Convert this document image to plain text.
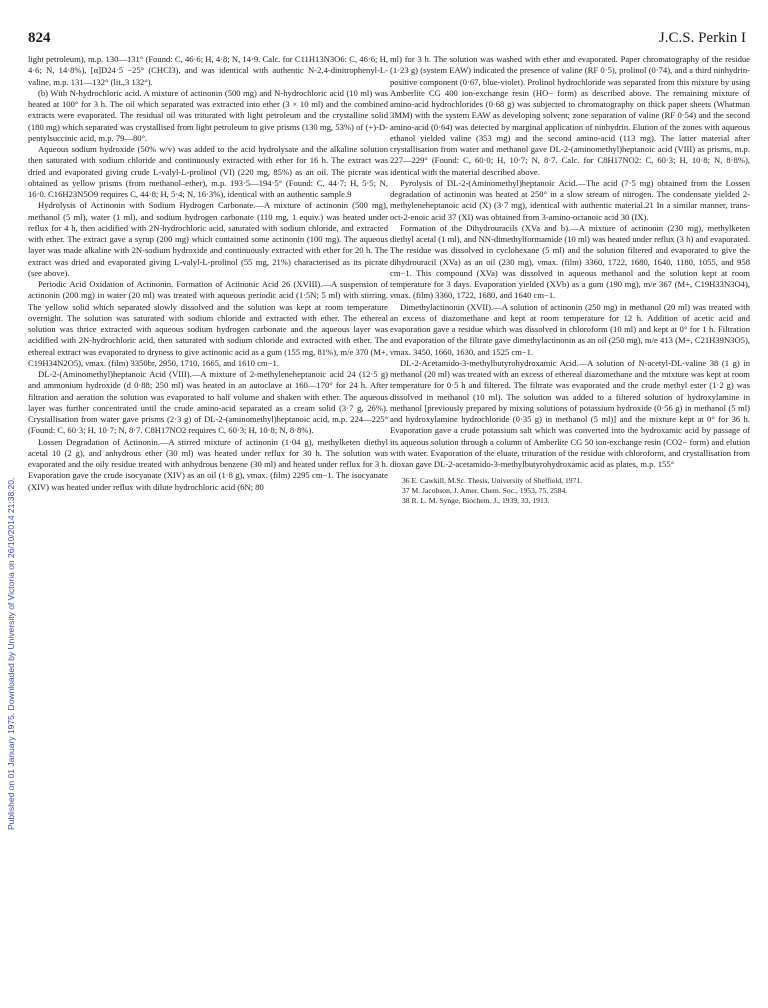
824	J.C.S. Perkin I
Published on 01 January 1975. Downloaded by University of Victoria on 26/10/2014 21:38:20.

light petroleum), m.p. 130—131° (Found: C, 46·6; H, 4·8; N, 14·9. Calc. for C11H13N3O6: C, 46·6; H, 4·6; N, 14·8%), [α]D24·5 −25° (CHCl3), and was identical with authentic N-2,4-dinitrophenyl-L-valine, m.p. 131—132° (lit.,3 132°).

(b) With N-hydrochloric acid. A mixture of actinonin (500 mg) and N-hydrochloric acid (10 ml) was heated at 100° for 3 h. The oil which separated was extracted into ether (3 × 10 ml) and the combined extracts were evaporated. The residual oil was triturated with light petroleum and the crystalline solid (180 mg) which separated was crystallised from light petroleum to give prisms (130 mg, 53%) of (+)-D-pentylsuccinic acid, m.p. 79—80°.

Aqueous sodium hydroxide (50% w/v) was added to the acid hydrolysate and the alkaline solution then saturated with sodium chloride and continuously extracted with ether for 16 h. The extract was dried and evaporated giving crude L-valyl-L-prolinol (VI) (220 mg, 85%) as an oil. The picrate was obtained as yellow prisms (from methanol–ether), m.p. 193·5—194·5° (Found: C, 44·7; H, 5·5; N, 16·0. C16H23N5O9 requires C, 44·8; H, 5·4; N, 16·3%), identical with an authentic sample.9

Hydrolysis of Actinonin with Sodium Hydrogen Carbonate.—A mixture of actinonin (500 mg), methanol (5 ml), water (1 ml), and sodium hydrogen carbonate (110 mg, 1 equiv.) was heated under reflux for 4 h, then acidified with 2N-hydrochloric acid, saturated with sodium chloride, and extracted with ether. The extract gave a syrup (200 mg) which contained some actinonin (100 mg). The aqueous layer was made alkaline with 2N-sodium hydroxide and continuously extracted with ether for 20 h. The extract was dried and evaporated giving L-valyl-L-prolinol (55 mg, 21%) characterised as its picrate (see above).

Periodic Acid Oxidation of Actinonin. Formation of Actinonic Acid 26 (XVIII).—A suspension of actinonin (200 mg) in water (20 ml) was treated with aqueous periodic acid (1·5N; 5 ml) with stirring. The yellow solid which separated slowly dissolved and the solution was kept at room temperature overnight. The solution was saturated with sodium chloride and extracted with ether. The ethereal solution was thrice extracted with aqueous sodium hydrogen carbonate and the aqueous layer was acidified with 2N-hydrochloric acid, then saturated with sodium chloride and extracted with ether. The ethereal extract was evaporated to dryness to give actinonic acid as a gum (155 mg, 81%), m/e 370 (M+, C19H34N2O5), νmax. (film) 3350br, 2950, 1710, 1665, and 1610 cm−1.

DL-2-(Aminomethyl)heptanoic Acid (VIII).—A mixture of 2-methyleneheptanoic acid 24 (12·5 g) and ammonium hydroxide (d 0·88; 250 ml) was heated in an autoclave at 160—170° for 24 h. After filtration and aeration the solution was evaporated to half volume and shaken with ether. The aqueous layer was further concentrated until the crude amino-acid separated as a cream solid (3·7 g, 26%). Crystallisation from water gave prisms (2·3 g) of DL-2-(aminomethyl)heptanoic acid, m.p. 224—225° (Found: C, 60·3; H, 10·7; N, 8·7. C8H17NO2 requires C, 60·3; H, 10·8; N, 8·8%).

Lossen Degradation of Actinonin.—A stirred mixture of actinonin (1·04 g), methylketen diethyl acetal 10 (2 g), and anhydrous ether (30 ml) was heated under reflux for 30 h. The solution was evaporated and the oily residue treated with anhydrous benzene (30 ml) and heated under reflux for 3 h. Evaporation gave the crude isocyanate (XIV) as an oil (1·8 g), νmax. (film) 2295 cm−1. The isocyanate (XIV) was heated under reflux with dilute hydrochloric acid (6N; 80

ml) for 3 h. The solution was washed with ether and evaporated. Paper chromatography of the residue (1·23 g) (system EAW) indicated the presence of valine (RF 0·5), prolinol (0·74), and a third ninhydrin-positive component (0·67, blue-violet). Prolinol hydrochloride was separated from this mixture by using Amberlite CG 400 ion-exchange resin (HO− form) as described above. The remaining mixture of amino-acid hydrochlorides (0·68 g) was subjected to chromatography on thick paper sheets (Whatman 3MM) with the system EAW as developing solvent; zone separation of valine (RF 0·54) and the second amino-acid (0·64) was detected by marginal application of ninhydrin. Elution of the zones with aqueous ethanol yielded valine (353 mg) and the second amino-acid (113 mg). The latter material after crystallisation from water and methanol gave DL-2-(aminomethyl)heptanoic acid (VIII) as prisms, m.p. 227—229° (Found: C, 60·0; H, 10·7; N, 8·7. Calc. for C8H17NO2: C, 60·3; H, 10·8; N, 8·8%), identical with the material described above.

Pyrolysis of DL-2-(Aminomethyl)heptanoic Acid.—The acid (7·5 mg) obtained from the Lossen degradation of actinonin was heated at 250° in a slow stream of nitrogen. The condensate yielded 2-methyleneheptanoic acid (X) (3·7 mg), identical with authentic material.21 In a similar manner, trans-oct-2-enoic acid 37 (XI) was obtained from 3-amino-octanoic acid 30 (IX).

Formation of the Dihydrouracils (XVa and b).—A mixture of actinonin (230 mg), methylketen diethyl acetal (1 ml), and NN-dimethylformamide (10 ml) was heated under reflux (3 h) and evaporated. The residue was dissolved in cyclohexane (5 ml) and the solution filtered and evaporated to give the dihydrouracil (XVa) as an oil (230 mg), νmax. (film) 3360, 1722, 1680, 1640, 1180, 1055, and 958 cm−1. This compound (XVa) was dissolved in aqueous methanol and the solution kept at room temperature for 3 days. Evaporation yielded (XVb) as a gum (190 mg), m/e 367 (M+, C19H33N3O4), νmax. (film) 3360, 1722, 1680, and 1640 cm−1.

Dimethylactinonin (XVII).—A solution of actinonin (250 mg) in methanol (20 ml) was treated with an excess of diazomethane and kept at room temperature for 12 h. Addition of acetic acid and evaporation gave a residue which was dissolved in chloroform (10 ml) and kept at 0° for 1 h. Filtration and evaporation of the filtrate gave dimethylactinonin as an oil (250 mg), m/e 413 (M+, C21H39N3O5), νmax. 3450, 1660, 1630, and 1525 cm−1.

DL-2-Acetamido-3-methylbutyrohydroxamic Acid.—A solution of N-acetyl-DL-valine 38 (1 g) in methanol (20 ml) was treated with an excess of ethereal diazomethane and the mixture was kept at room temperature for 0·5 h and filtered. The filtrate was evaporated and the crude methyl ester (1·2 g) was dissolved in methanol (10 ml). The solution was added to a filtered solution of hydroxylamine in methanol [previously prepared by mixing solutions of potassium hydroxide (0·56 g) in methanol (5 ml) and hydroxylamine hydrochloride (0·35 g) in methanol (5 ml)] and the mixture kept at 0° for 36 h. Evaporation gave a crude potassium salt which was converted into the hydroxamic acid by passage of its aqueous solution through a column of Amberlite CG 50 ion-exchange resin (CO2− form) and elution with water. Evaporation of the eluate, trituration of the residue with chloroform, and crystallisation from dioxan gave DL-2-acetamido-3-methylbutyrohydroxamic acid as plates, m.p. 155°

36 E. Cawkill, M.Sc. Thesis, University of Sheffield, 1971.
37 M. Jacobson, J. Amer. Chem. Soc., 1953, 75, 2584.
38 R. L. M. Synge, Biochem. J., 1939, 33, 1913.
